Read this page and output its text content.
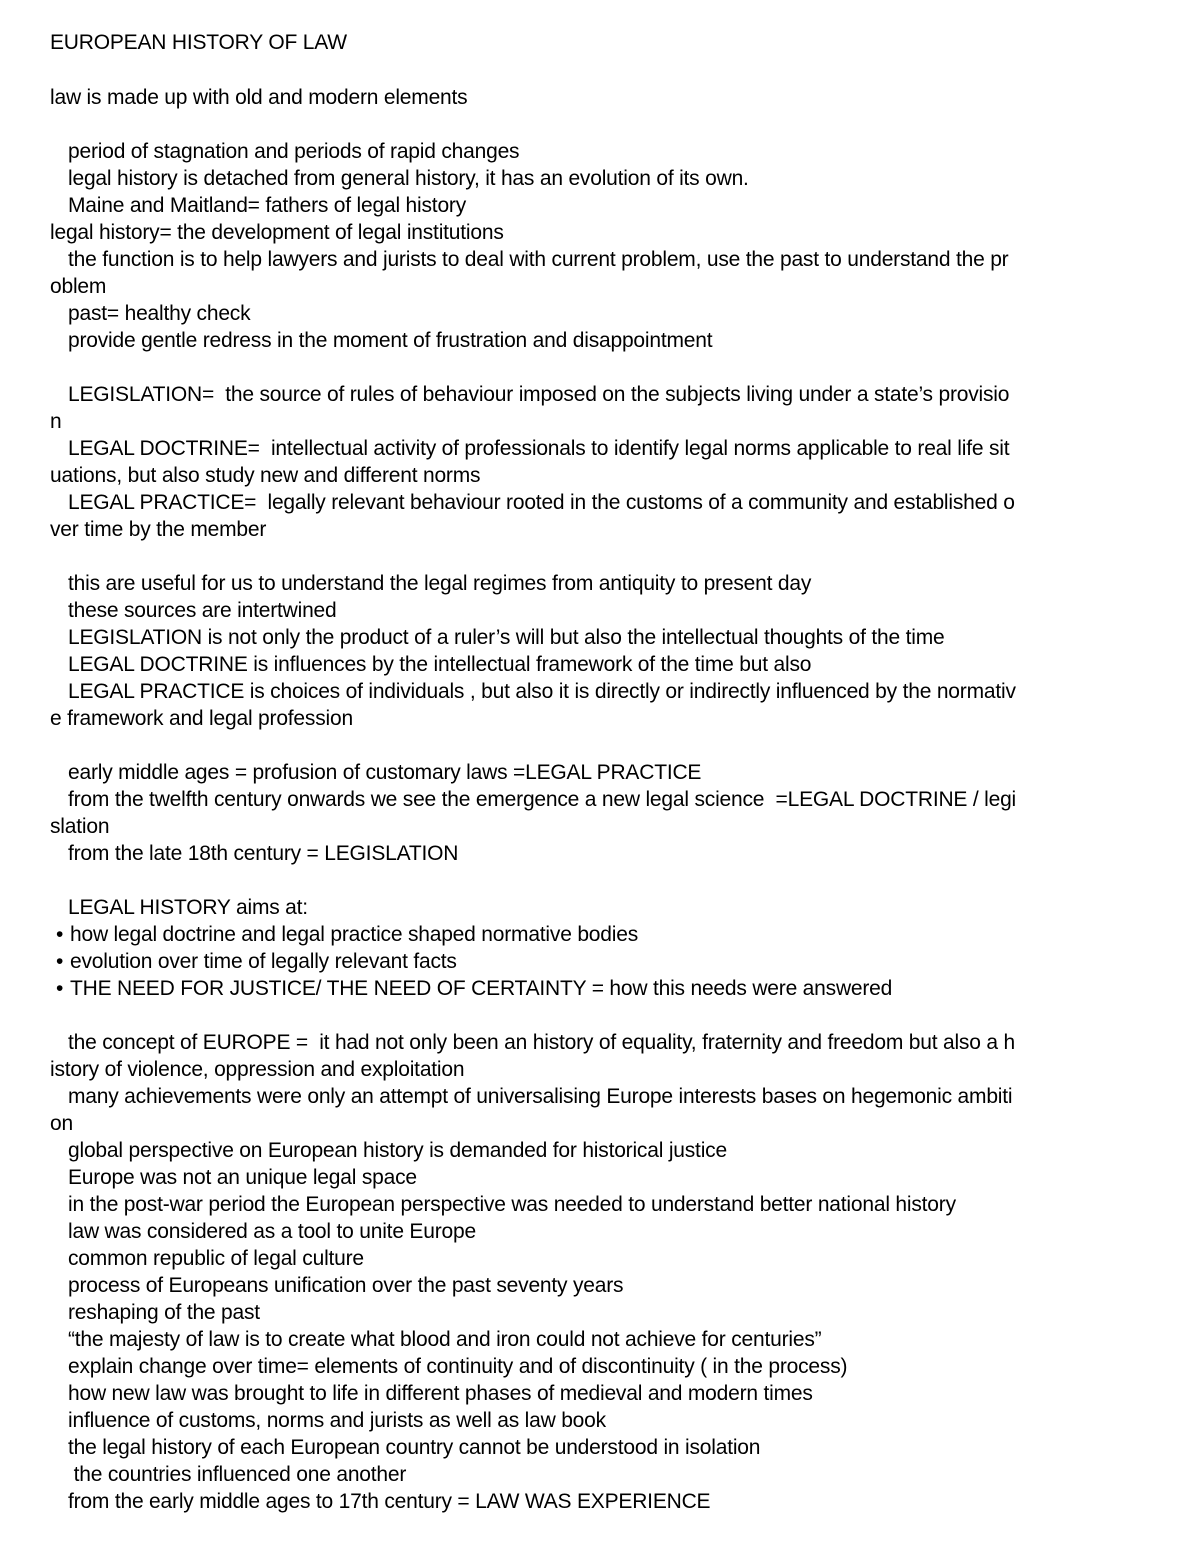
EUROPEAN HISTORY OF LAW
law is made up with old and modern elements
period of stagnation and periods of rapid changes
legal history is detached from general history, it has an evolution of its own.
Maine and Maitland= fathers of legal history
legal history= the development of legal institutions
the function is to help lawyers and jurists to deal with current problem, use the past to understand the pr
oblem
past= healthy check
provide gentle redress in the moment of frustration and disappointment
LEGISLATION=  the source of rules of behaviour imposed on the subjects living under a state’s provisio
n
LEGAL DOCTRINE=  intellectual activity of professionals to identify legal norms applicable to real life sit
uations, but also study new and different norms
LEGAL PRACTICE=  legally relevant behaviour rooted in the customs of a community and established o
ver time by the member
this are useful for us to understand the legal regimes from antiquity to present day
these sources are intertwined
LEGISLATION is not only the product of a ruler’s will but also the intellectual thoughts of the time
LEGAL DOCTRINE is influences by the intellectual framework of the time but also
LEGAL PRACTICE is choices of individuals , but also it is directly or indirectly influenced by the normativ
e framework and legal profession
early middle ages = profusion of customary laws =LEGAL PRACTICE
from the twelfth century onwards we see the emergence a new legal science  =LEGAL DOCTRINE / legi
slation
from the late 18th century = LEGISLATION
LEGAL HISTORY aims at:
• how legal doctrine and legal practice shaped normative bodies
• evolution over time of legally relevant facts
• THE NEED FOR JUSTICE/ THE NEED OF CERTAINTY = how this needs were answered
the concept of EUROPE =  it had not only been an history of equality, fraternity and freedom but also a h
istory of violence, oppression and exploitation
many achievements were only an attempt of universalising Europe interests bases on hegemonic ambiti
on
global perspective on European history is demanded for historical justice
Europe was not an unique legal space
in the post-war period the European perspective was needed to understand better national history
law was considered as a tool to unite Europe
common republic of legal culture
process of Europeans unification over the past seventy years
reshaping of the past
“the majesty of law is to create what blood and iron could not achieve for centuries”
explain change over time= elements of continuity and of discontinuity ( in the process)
how new law was brought to life in different phases of medieval and modern times
influence of customs, norms and jurists as well as law book
the legal history of each European country cannot be understood in isolation
the countries influenced one another
from the early middle ages to 17th century = LAW WAS EXPERIENCE
